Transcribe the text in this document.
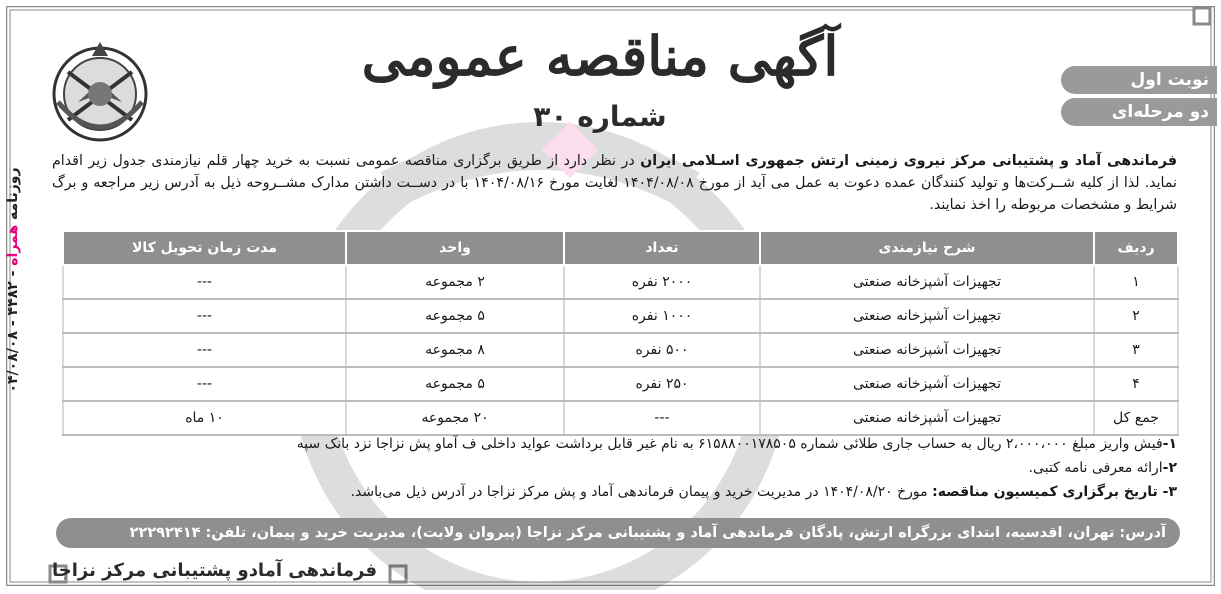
روزنامه همراه - ۴۴۸۲ - ۰۴/۰۸/۰۸
آگهی مناقصه عمومی
شماره ۳۰
نوبت اول
دو مرحله‌ای
فرماندهی آماد و پشتیبانی مرکز نیروی زمینی ارتش جمهوری اسـلامی ایران در نظر دارد از طریق برگزاری مناقصه عمومی نسبت به خرید چهار قلم نیازمندی جدول زیر اقدام نماید. لذا از کلیه شــرکت‌ها و تولید کنندگان عمده دعوت به عمل می آید از مورخ ۱۴۰۴/۰۸/۰۸ لغایت مورخ ۱۴۰۴/۰۸/۱۶ با در دســت داشتن مدارک مشــروحه ذیل به آدرس زیر مراجعه و برگ شرایط و مشخصات مربوطه را اخذ نمایند.
ردیف	شرح نیازمندی	تعداد	واحد	مدت زمان تحویل کالا
۱	تجهیزات آشپزخانه صنعتی	۲۰۰۰ نفره	۲ مجموعه	---
۲	تجهیزات آشپزخانه صنعتی	۱۰۰۰ نفره	۵ مجموعه	---
۳	تجهیزات آشپزخانه صنعتی	۵۰۰ نفره	۸ مجموعه	---
۴	تجهیزات آشپزخانه صنعتی	۲۵۰ نفره	۵ مجموعه	---
جمع کل	تجهیزات آشپزخانه صنعتی	---	۲۰ مجموعه	۱۰ ماه
۱-فیش واریز مبلغ ۲،۰۰۰،۰۰۰ ریال به حساب جاری طلائی شماره ۶۱۵۸۸۰۰۱۷۸۵۰۵ به نام غیر قابل برداشت عواید داخلی ف آماو پش نزاجا نزد بانک سپه
۲-ارائه معرفی نامه کتبی.
۳- تاریخ برگزاری کمیسیون مناقصه: مورخ ۱۴۰۴/۰۸/۲۰ در مدیریت خرید و پیمان فرماندهی آماد و پش مرکز نزاجا در آدرس ذیل می‌باشد.
آدرس: تهران، اقدسیه، ابتدای بزرگراه ارتش، پادگان فرماندهی آماد و پشتیبانی مرکز نزاجا (پیروان ولایت)، مدیریت خرید و پیمان، تلفن: ۲۲۲۹۲۴۱۴
فرماندهی آمادو پشتیبانی مرکز نزاجا
